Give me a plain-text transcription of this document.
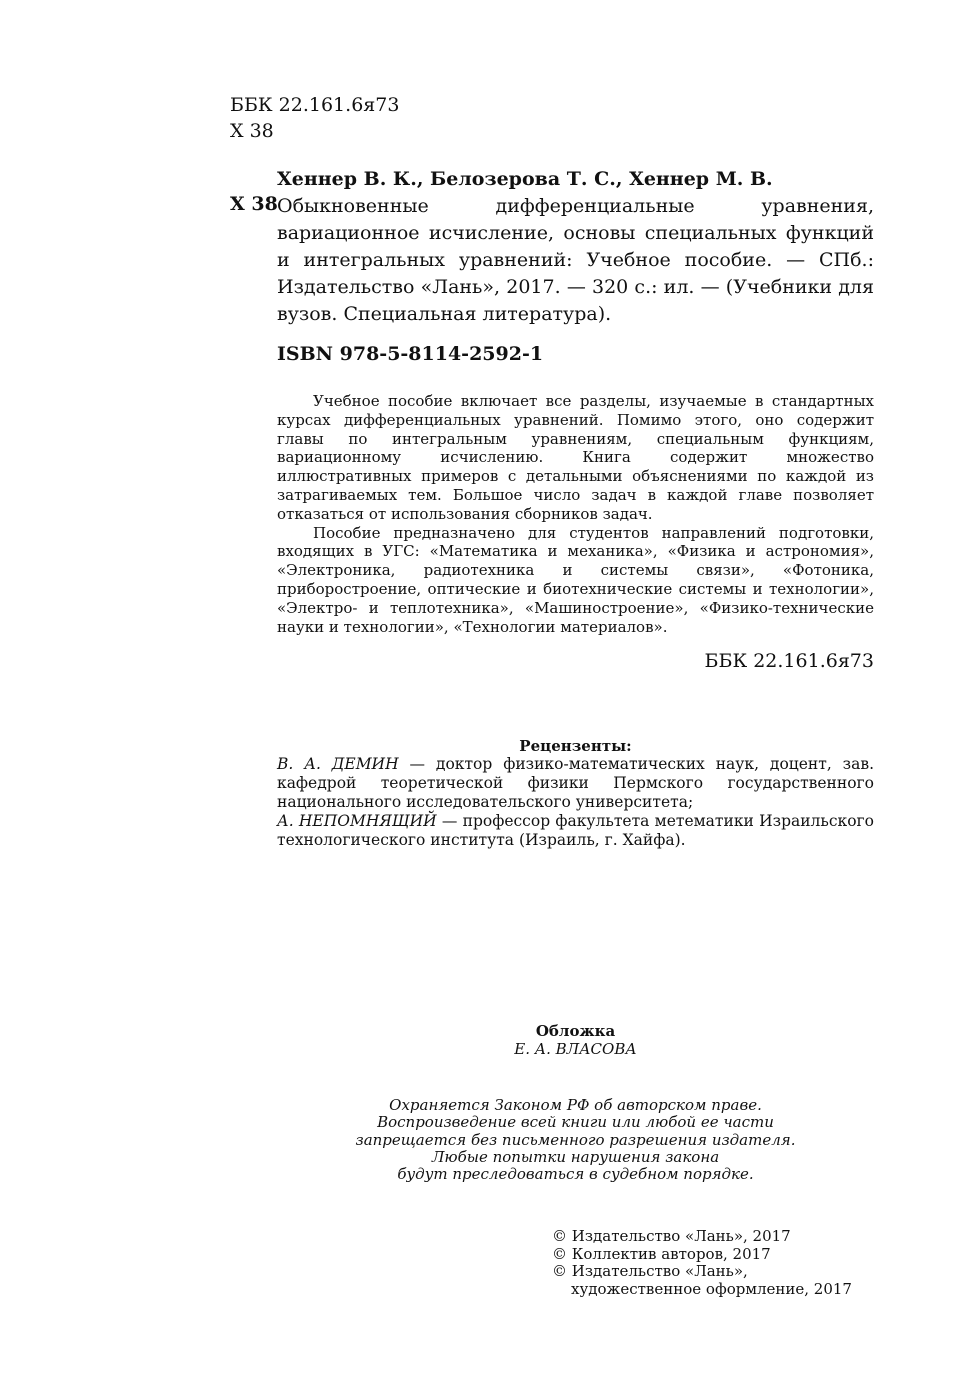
ББК 22.161.6я73
Х 38
Хеннер В. К., Белозерова Т. С., Хеннер М. В.
Х 38 Обыкновенные дифференциальные уравнения, вариационное исчисление, основы специальных функций и интегральных уравнений: Учебное пособие. — СПб.: Издательство «Лань», 2017. — 320 с.: ил. — (Учебники для вузов. Специальная литература).
ISBN 978-5-8114-2592-1

Учебное пособие включает все разделы, изучаемые в стандартных курсах дифференциальных уравнений. Помимо этого, оно содержит главы по интегральным уравнениям, специальным функциям, вариационному исчислению. Книга содержит множество иллюстративных примеров с детальными объяснениями по каждой из затрагиваемых тем. Большое число задач в каждой главе позволяет отказаться от использования сборников задач.

Пособие предназначено для студентов направлений подготовки, входящих в УГС: «Математика и механика», «Физика и астрономия», «Электроника, радиотехника и системы связи», «Фотоника, приборостроение, оптические и биотехнические системы и технологии», «Электро- и теплотехника», «Машиностроение», «Физико-технические науки и технологии», «Технологии материалов».

ББК 22.161.6я73
Рецензенты:

В. А. ДЕМИН — доктор физико-математических наук, доцент, зав. кафедрой теоретической физики Пермского государственного национального исследовательского университета;

А. НЕПОМНЯЩИЙ — профессор факультета метематики Израильского технологического института (Израиль, г. Хайфа).

Обложка
Е. А. ВЛАСОВА
Охраняется Законом РФ об авторском праве.
Воспроизведение всей книги или любой ее части
запрещается без письменного разрешения издателя.
Любые попытки нарушения закона
будут преследоваться в судебном порядке.
© Издательство «Лань», 2017
© Коллектив авторов, 2017
© Издательство «Лань»,
художественное оформление, 2017
